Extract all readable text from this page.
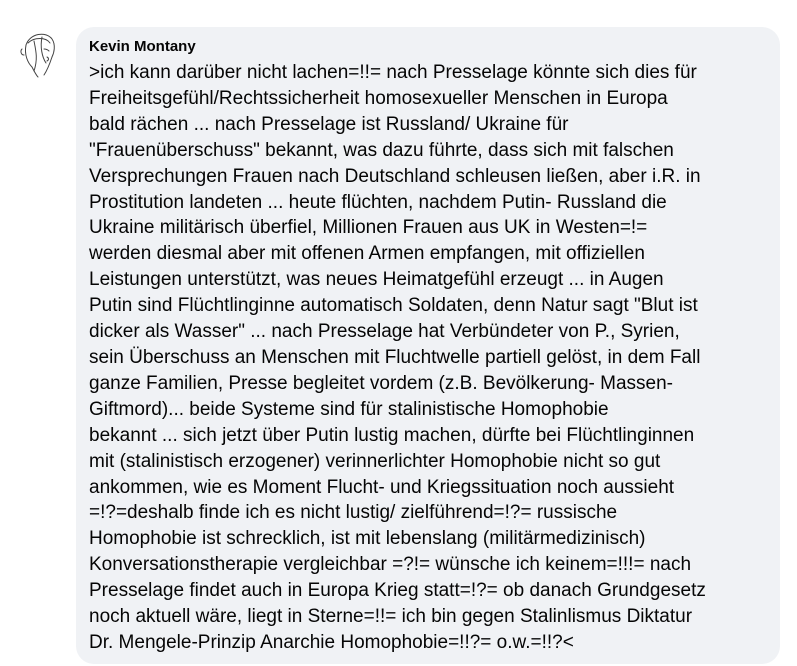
Kevin Montany
>ich kann darüber nicht lachen=!!= nach Presselage könnte sich dies für
Freiheitsgefühl/Rechtssicherheit homosexueller Menschen in Europa
bald rächen ... nach Presselage ist Russland/ Ukraine für
"Frauenüberschuss" bekannt, was dazu führte, dass sich mit falschen
Versprechungen Frauen nach Deutschland schleusen ließen, aber i.R. in
Prostitution landeten ... heute flüchten, nachdem Putin- Russland die
Ukraine militärisch überfiel, Millionen Frauen aus UK in Westen=!=
werden diesmal aber mit offenen Armen empfangen, mit offiziellen
Leistungen unterstützt, was neues Heimatgefühl erzeugt ... in Augen
Putin sind Flüchtlinginne automatisch Soldaten, denn Natur sagt "Blut ist
dicker als Wasser" ... nach Presselage hat Verbündeter von P., Syrien,
sein Überschuss an Menschen mit Fluchtwelle partiell gelöst, in dem Fall
ganze Familien, Presse begleitet vordem (z.B. Bevölkerung- Massen-
Giftmord)... beide Systeme sind für stalinistische Homophobie
bekannt ... sich jetzt über Putin lustig machen, dürfte bei Flüchtlinginnen
mit (stalinistisch erzogener) verinnerlichter Homophobie nicht so gut
ankommen, wie es Moment Flucht- und Kriegssituation noch aussieht
=!?=deshalb finde ich es nicht lustig/ zielführend=!?= russische
Homophobie ist schrecklich, ist mit lebenslang (militärmedizinisch)
Konversationstherapie vergleichbar =?!= wünsche ich keinem=!!!= nach
Presselage findet auch in Europa Krieg statt=!?= ob danach Grundgesetz
noch aktuell wäre, liegt in Sterne=!!= ich bin gegen Stalinlismus Diktatur
Dr. Mengele-Prinzip Anarchie Homophobie=!!?= o.w.=!!?<
